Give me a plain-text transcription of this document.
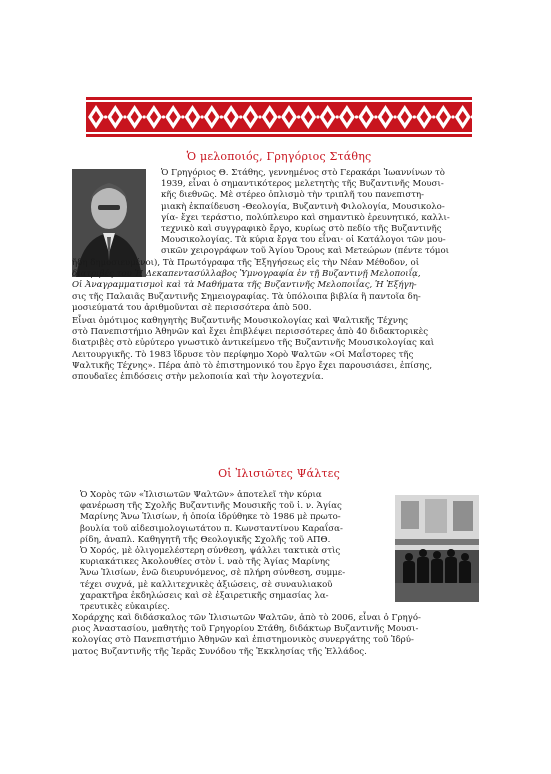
Ὁ μελοποιός, Γρηγόριος Στάθης
Ὁ Γρηγόριος Θ. Στάθης, γεννημένος στὸ Γερακάρι Ἰωαννίνων τὸ
1939, εἶναι ὁ σημαντικότερος μελετητὴς τῆς Βυζαντινῆς Μουσι-
κῆς διεθνῶς. Μὲ στέρεο ὁπλισμὸ τὴν τριπλῆ του πανεπιστη-
μιακὴ ἐκπαίδευση -Θεολογία, Βυζαντινὴ Φιλολογία, Μουσικολο-
γία- ἔχει τεράστιο, πολύπλευρο καὶ σημαντικὸ ἐρευνητικό, καλλι-
τεχνικὸ καὶ συγγραφικὸ ἔργο, κυρίως στὸ πεδίο τῆς Βυζαντινῆς
Μουσικολογίας. Τὰ κύρια ἔργα του εἶναι· οἱ Κατάλογοι τῶν μου-
σικῶν χειρογράφων τοῦ Ἁγίου Ὄρους καὶ Μετεώρων (πέντε τόμοι
ἤδη δημοσιευμένοι), Τὰ Πρωτόγραφα τῆς Ἐξηγήσεως εἰς τὴν Νέαν Μέθοδον, οἱ
διατριβές του Ἡ Δεκαπεντασύλλαβος Ὑμνογραφία ἐν τῇ Βυζαντινῇ Μελοποιΐᾳ,
Οἱ Ἀναγραμματισμοὶ καὶ τὰ Μαθήματα τῆς Βυζαντινῆς Μελοποιΐας, Ἡ Ἐξήγη-
σις τῆς Παλαιᾶς Βυζαντινῆς Σημειογραφίας. Τὰ ὑπόλοιπα βιβλία ἢ παντοῖα δη-
μοσιεύματά του ἀριθμοῦνται σὲ περισσότερα ἀπὸ 500.
Εἶναι ὁμότιμος καθηγητὴς Βυζαντινῆς Μουσικολογίας καὶ Ψαλτικῆς Τέχνης
στὸ Πανεπιστήμιο Ἀθηνῶν καὶ ἔχει ἐπιβλέψει περισσότερες ἀπὸ 40 διδακτορικὲς
διατριβὲς στὸ εὐρύτερο γνωστικὸ ἀντικείμενο τῆς Βυζαντινῆς Μουσικολογίας καὶ
Λειτουργικῆς. Τὸ 1983 ἵδρυσε τὸν περίφημο Χορὸ Ψαλτῶν «Οἱ Μαΐστορες τῆς
Ψαλτικῆς Τέχνης». Πέρα ἀπὸ τὸ ἐπιστημονικό του ἔργο ἔχει παρουσιάσει, ἐπίσης,
σπουδαῖες ἐπιδόσεις στὴν μελοποιία καὶ τὴν λογοτεχνία.
Οἱ Ἰλισιῶτες Ψάλτες
Ὁ Χορὸς τῶν «Ἰλισιωτῶν Ψαλτῶν» ἀποτελεῖ τὴν κύρια
φανέρωση τῆς Σχολῆς Βυζαντινῆς Μουσικῆς τοῦ ἱ. ν. Ἁγίας
Μαρίνης Ἄνω Ἰλισίων, ἡ ὁποία ἱδρύθηκε τὸ 1986 μὲ πρωτο-
βουλία τοῦ αἰδεσιμολογιωτάτου π. Κωνσταντίνου Καραΐσα-
ρίδη, ἀναπλ. Καθηγητῆ τῆς Θεολογικῆς Σχολῆς τοῦ ΑΠΘ.
Ὁ Χορός, μὲ ὀλιγομελέστερη σύνθεση, ψάλλει τακτικὰ στὶς
κυριακάτικες Ἀκολουθίες στὸν ἱ. ναὸ τῆς Ἁγίας Μαρίνης
Ἄνω Ἰλισίων, ἐνῶ διευρυνόμενος, σὲ πλήρη σύνθεση, συμμε-
τέχει συχνά, μὲ καλλιτεχνικὲς ἀξιώσεις, σὲ συναυλιακοῦ
χαρακτῆρα ἐκδηλώσεις καὶ σὲ ἐξαιρετικῆς σημασίας λα-
τρευτικὲς εὐκαιρίες.
Χοράρχης καὶ διδάσκαλος τῶν Ἰλισιωτῶν Ψαλτῶν, ἀπὸ τὸ 2006, εἶναι ὁ Γρηγό-
ριος Ἀναστασίου, μαθητὴς τοῦ Γρηγορίου Στάθη, διδάκτωρ Βυζαντινῆς Μουσι-
κολογίας στὸ Πανεπιστήμιο Ἀθηνῶν καὶ ἐπιστημονικὸς συνεργάτης τοῦ Ἱδρύ-
ματος Βυζαντινῆς τῆς Ἱερᾶς Συνόδου τῆς Ἐκκλησίας τῆς Ἑλλάδος.
